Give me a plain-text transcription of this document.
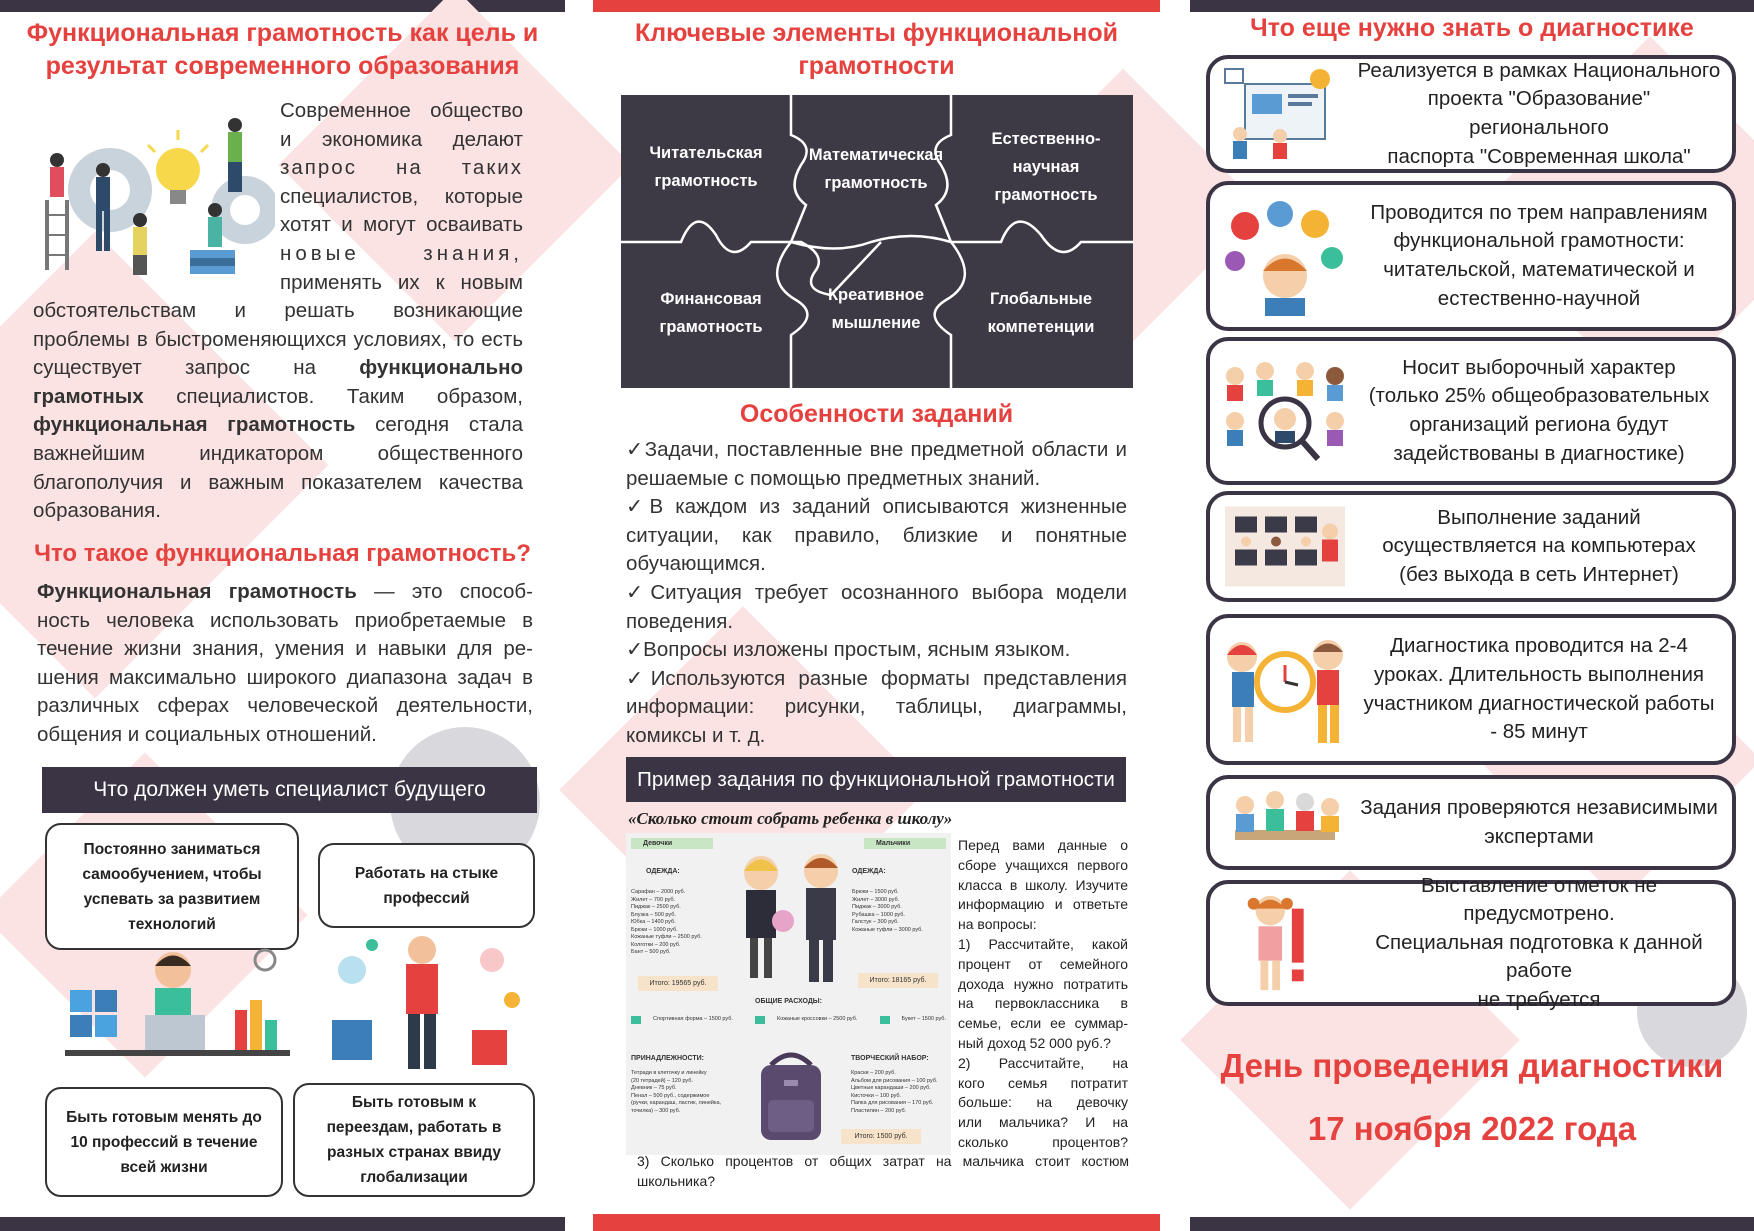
Функциональная грамотность как цель и
результат современного образования
Современное общество
и экономика делают
запрос на таких
специалистов, которые
хотят и могут осваивать
новые знания,
применять их к новым
обстоятельствам и решать возникающие
проблемы в быстроменяющихся условиях, то есть
существует запрос на функционально
грамотных специалистов. Таким образом,
функциональная грамотность сегодня стала
важнейшим индикатором общественного
благополучия и важным показателем качества
образования.
Что такое функциональная грамотность?
Функциональная грамотность — это способ-
ность человека использовать приобретаемые в
течение жизни знания, умения и навыки для ре-
шения максимально широкого диапазона задач в
различных сферах человеческой деятельности,
общения и социальных отношений.
Что должен уметь специалист будущего
Постоянно заниматься самообучением, чтобы успевать за развитием технологий
Работать на стыке профессий
Быть готовым менять до 10 профессий в течение всей жизни
Быть готовым к переездам, работать в разных странах ввиду глобализации
Ключевые элементы функциональной
грамотности
Читательская
грамотность
Математическая
грамотность
Естественно-
научная
грамотность
Финансовая
грамотность
Креативное
мышление
Глобальные
компетенции
Особенности заданий
✓Задачи, поставленные вне предметной области и
решаемые с помощью предметных знаний.
✓В каждом из заданий описываются жизненные
ситуации, как правило, близкие и понятные
обучающимся.
✓Ситуация требует осознанного выбора модели
поведения.
✓Вопросы изложены простым, ясным языком.
✓Используются разные форматы представления
информации: рисунки, таблицы, диаграммы,
комиксы и т. д.
Пример задания по функциональной грамотности
«Сколько стоит собрать ребенка в школу»
Девочки	Мальчики
ОДЕЖДА:	ОДЕЖДА:
Сарафан – 2000 руб.
Жилет – 700 руб.
Пиджак – 2500 руб.
Блузка – 500 руб.
Юбка – 1400 руб.
Брюки – 1000 руб.
Кожаные туфли – 2500 руб.
Колготки – 200 руб.
Бант – 500 руб.
Брюки – 1500 руб.
Жилет – 3000 руб.
Пиджак – 3000 руб.
Рубашка – 1000 руб.
Галстук – 300 руб.
Кожаные туфли – 3000 руб.
Итого: 19565 руб.	Итого: 18165 руб.
ОБЩИЕ РАСХОДЫ:
Спортивная форма – 1500 руб.	Кожаные кроссовки – 2500 руб.	Букет – 1500 руб.
ПРИНАДЛЕЖНОСТИ:
Тетради в клеточку и линейку
(20 тетрадей) – 120 руб.
Дневник – 75 руб.
Пенал – 500 руб., содержимое
(ручки, карандаш, ластик, линейка,
точилка) – 300 руб.
ТВОРЧЕСКИЙ НАБОР:
Краски – 200 руб.
Альбом для рисования – 100 руб.
Цветные карандаши – 200 руб.
Кисточки – 100 руб.
Папка для рисования – 170 руб.
Пластилин – 200 руб.
Итого: 1500 руб.
Перед вами данные о
сборе учащихся первого
класса в школу. Изучите
информацию и ответьте
на вопросы:
1) Рассчитайте, какой
процент от семейного
дохода нужно потратить
на первоклассника в
семье, если ее суммар-
ный доход 52 000 руб.?
2) Рассчитайте, на
кого семья потратит
больше: на девочку
или мальчика? И на
сколько процентов?
3) Сколько процентов от общих затрат на мальчика стоит костюм
школьника?
Что еще нужно знать о диагностике
Реализуется в рамках Национального
проекта "Образование" регионального
паспорта "Современная школа"
Проводится по трем направлениям
функциональной грамотности:
читательской, математической и
естественно-научной
Носит выборочный характер
(только 25% общеобразовательных
организаций региона будут
задействованы в диагностике)
Выполнение заданий
осуществляется на компьютерах
(без выхода в сеть Интернет)
Диагностика проводится на 2-4
уроках. Длительность выполнения
участником диагностической работы
- 85 минут
Задания проверяются независимыми
экспертами
Выставление отметок не предусмотрено.
Специальная подготовка к данной работе
не требуется
День проведения диагностики
17 ноября 2022 года
